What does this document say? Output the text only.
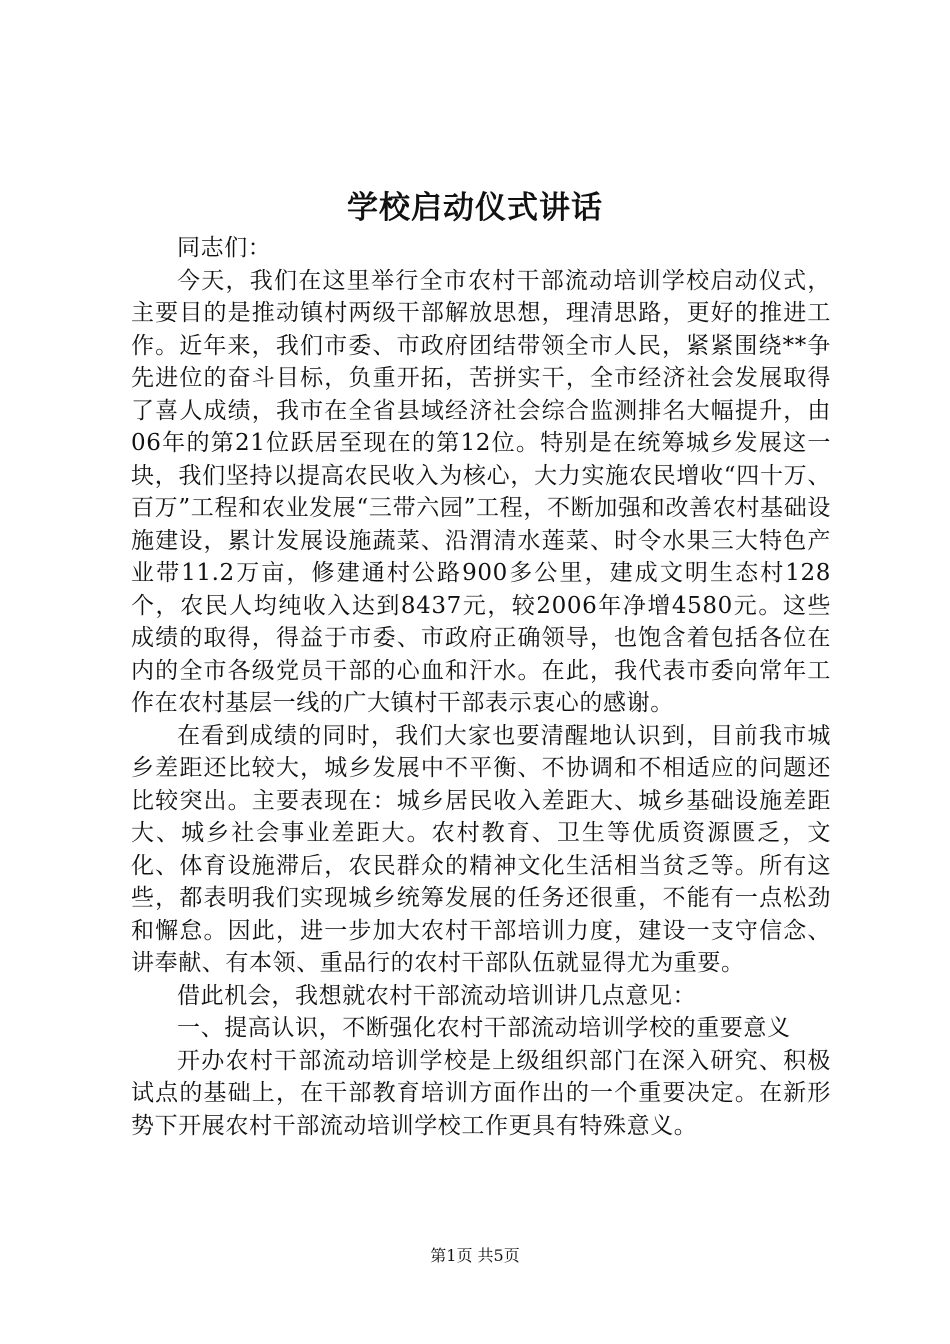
学校启动仪式讲话

同志们：

今天，我们在这里举行全市农村干部流动培训学校启动仪式，主要目的是推动镇村两级干部解放思想，理清思路，更好的推进工作。近年来，我们市委、市政府团结带领全市人民，紧紧围绕**争先进位的奋斗目标，负重开拓，苦拼实干，全市经济社会发展取得了喜人成绩，我市在全省县域经济社会综合监测排名大幅提升，由06年的第21位跃居至现在的第12位。特别是在统筹城乡发展这一块，我们坚持以提高农民收入为核心，大力实施农民增收“四十万、百万”工程和农业发展“三带六园”工程，不断加强和改善农村基础设施建设，累计发展设施蔬菜、沿渭清水莲菜、时令水果三大特色产业带11.2万亩，修建通村公路900多公里，建成文明生态村128个，农民人均纯收入达到8437元，较2006年净增4580元。这些成绩的取得，得益于市委、市政府正确领导，也饱含着包括各位在内的全市各级党员干部的心血和汗水。在此，我代表市委向常年工作在农村基层一线的广大镇村干部表示衷心的感谢。

在看到成绩的同时，我们大家也要清醒地认识到，目前我市城乡差距还比较大，城乡发展中不平衡、不协调和不相适应的问题还比较突出。主要表现在：城乡居民收入差距大、城乡基础设施差距大、城乡社会事业差距大。农村教育、卫生等优质资源匮乏，文化、体育设施滞后，农民群众的精神文化生活相当贫乏等。所有这些，都表明我们实现城乡统筹发展的任务还很重，不能有一点松劲和懈怠。因此，进一步加大农村干部培训力度，建设一支守信念、讲奉献、有本领、重品行的农村干部队伍就显得尤为重要。

借此机会，我想就农村干部流动培训讲几点意见：

一、提高认识，不断强化农村干部流动培训学校的重要意义

开办农村干部流动培训学校是上级组织部门在深入研究、积极试点的基础上，在干部教育培训方面作出的一个重要决定。在新形势下开展农村干部流动培训学校工作更具有特殊意义。

第1页 共5页
